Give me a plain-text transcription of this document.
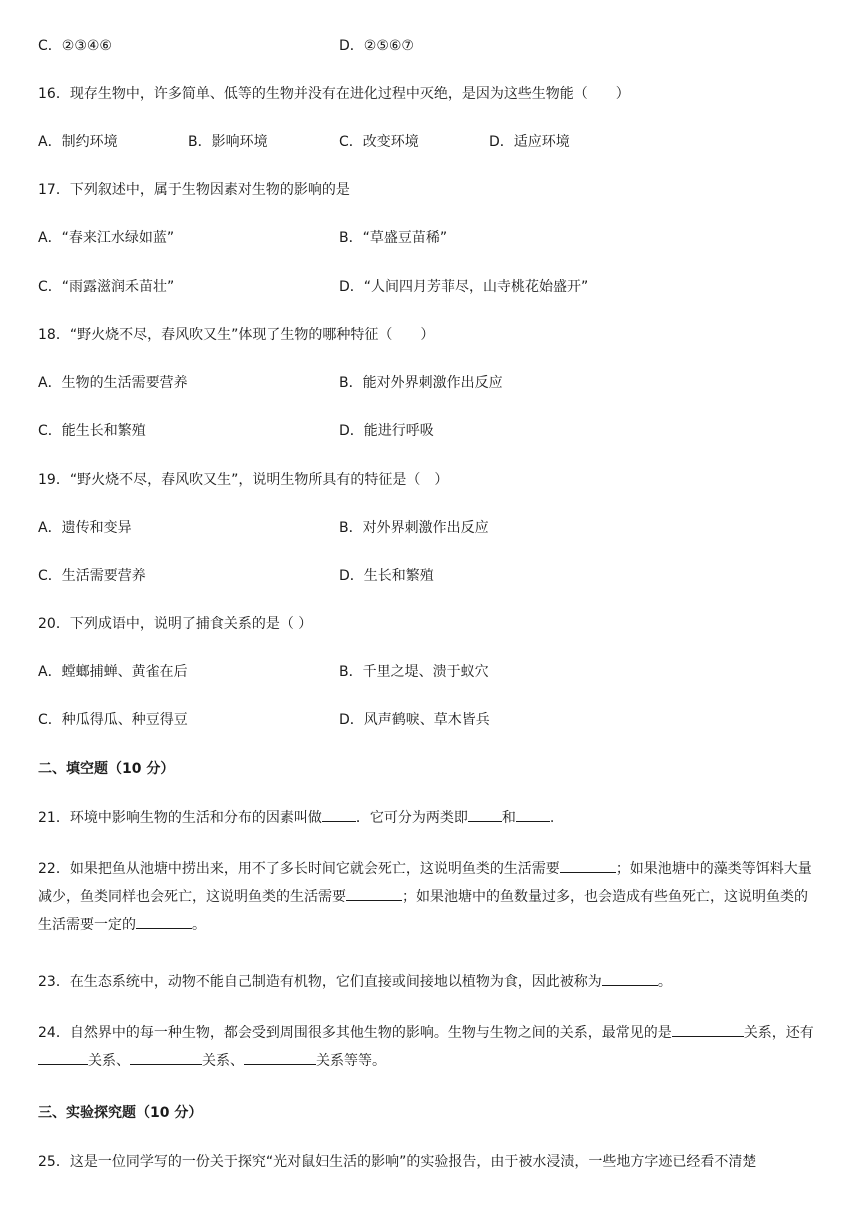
C．②③④⑥	D．②⑤⑥⑦
16．现存生物中，许多简单、低等的生物并没有在进化过程中灭绝，是因为这些生物能（　　）
A．制约环境	B．影响环境	C．改变环境	D．适应环境
17．下列叙述中，属于生物因素对生物的影响的是
A．“春来江水绿如蓝”	B．“草盛豆苗稀”
C．“雨露滋润禾苗壮”	D．“人间四月芳菲尽，山寺桃花始盛开”
18．“野火烧不尽，春风吹又生”体现了生物的哪种特征（　　）
A．生物的生活需要营养	B．能对外界刺激作出反应
C．能生长和繁殖	D．能进行呼吸
19．“野火烧不尽，春风吹又生”，说明生物所具有的特征是（　）
A．遗传和变异	B．对外界刺激作出反应
C．生活需要营养	D．生长和繁殖
20．下列成语中，说明了捕食关系的是（ ）
A．螳螂捕蝉、黄雀在后	B．千里之堤、溃于蚁穴
C．种瓜得瓜、种豆得豆	D．风声鹤唳、草木皆兵
二、填空题（10 分）
21．环境中影响生物的生活和分布的因素叫做 ．它可分为两类即 和 .
22．如果把鱼从池塘中捞出来，用不了多长时间它就会死亡，这说明鱼类的生活需要	；如果池塘中的藻类等饵料大量减少，鱼类同样也会死亡，这说明鱼类的生活需要	；如果池塘中的鱼数量过多，也会造成有些鱼死亡，这说明鱼类的生活需要一定的	。
23．在生态系统中，动物不能自己制造有机物，它们直接或间接地以植物为食，因此被称为	。
24．自然界中的每一种生物，都会受到周围很多其他生物的影响。生物与生物之间的关系，最常见的是	关系，还有关系、	关系、	关系等等。
三、实验探究题（10 分）
25．这是一位同学写的一份关于探究“光对鼠妇生活的影响”的实验报告，由于被水浸渍，一些地方字迹已经看不清楚
